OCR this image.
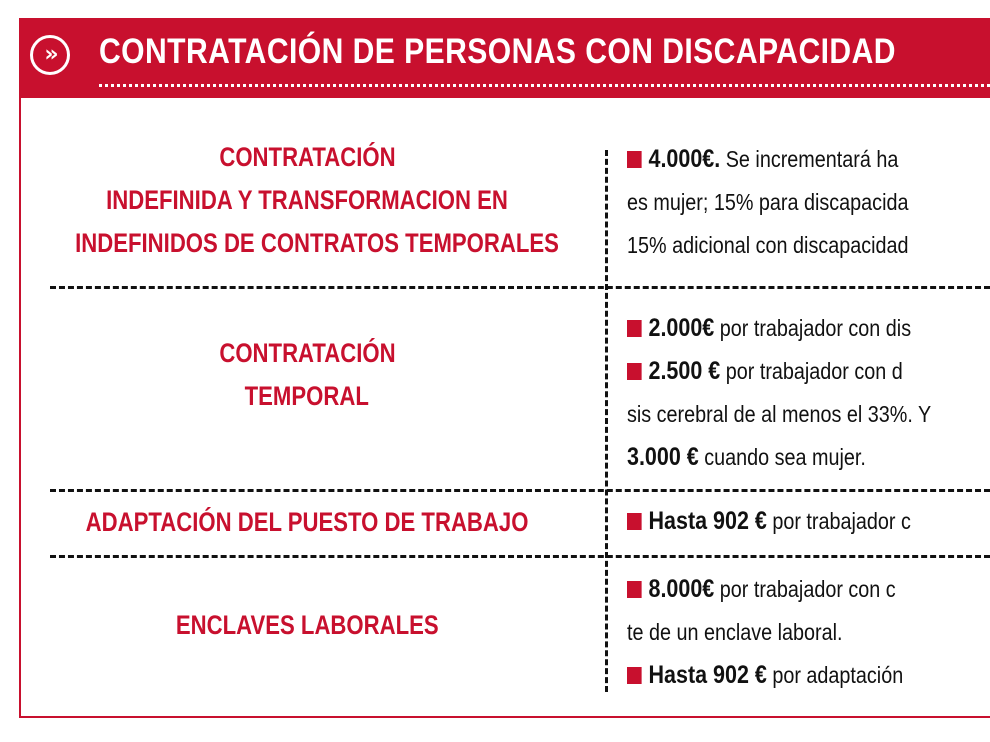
»	CONTRATACIÓN DE PERSONAS CON DISCAPACIDAD
CONTRATACIÓN
INDEFINIDA Y TRANSFORMACION EN
INDEFINIDOS DE CONTRATOS TEMPORALES
4.000€. Se incrementará ha
es mujer; 15% para discapacida
15% adicional con discapacidad
CONTRATACIÓN
TEMPORAL
2.000€ por trabajador con dis
2.500 € por trabajador con d
sis cerebral de al menos el 33%. Y
3.000 € cuando sea mujer.
ADAPTACIÓN DEL PUESTO DE TRABAJO	Hasta 902 € por trabajador c
ENCLAVES LABORALES
8.000€ por trabajador con c
te de un enclave laboral.
Hasta 902 € por adaptación
